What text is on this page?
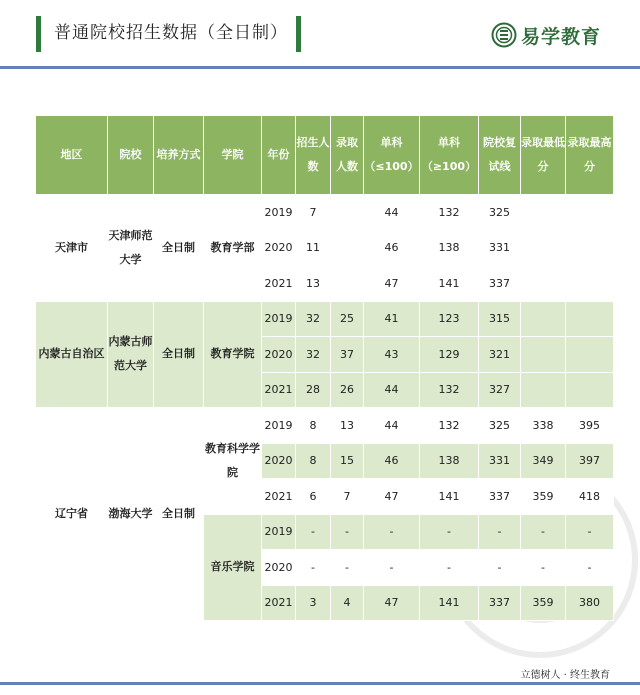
普通院校招生数据（全日制）	易学教育
地区	院校	培养方式	学院	年份	招生人数	录取人数	单科（≤100）	单科（≥100）	院校复试线	录取最低分	录取最高分
天津市	天津师范大学	全日制	教育学部	2019	7		44	132	325		
				2020	11		46	138	331		
				2021	13		47	141	337		
内蒙古自治区	内蒙古师范大学	全日制	教育学院	2019	32	25	41	123	315		
				2020	32	37	43	129	321		
				2021	28	26	44	132	327		
辽宁省	渤海大学	全日制	教育科学学院	2019	8	13	44	132	325	338	395
				2020	8	15	46	138	331	349	397
				2021	6	7	47	141	337	359	418
			音乐学院	2019	-	-	-	-	-	-	-
				2020	-	-	-	-	-	-	-
				2021	3	4	47	141	337	359	380
立德树人 · 终生教育
